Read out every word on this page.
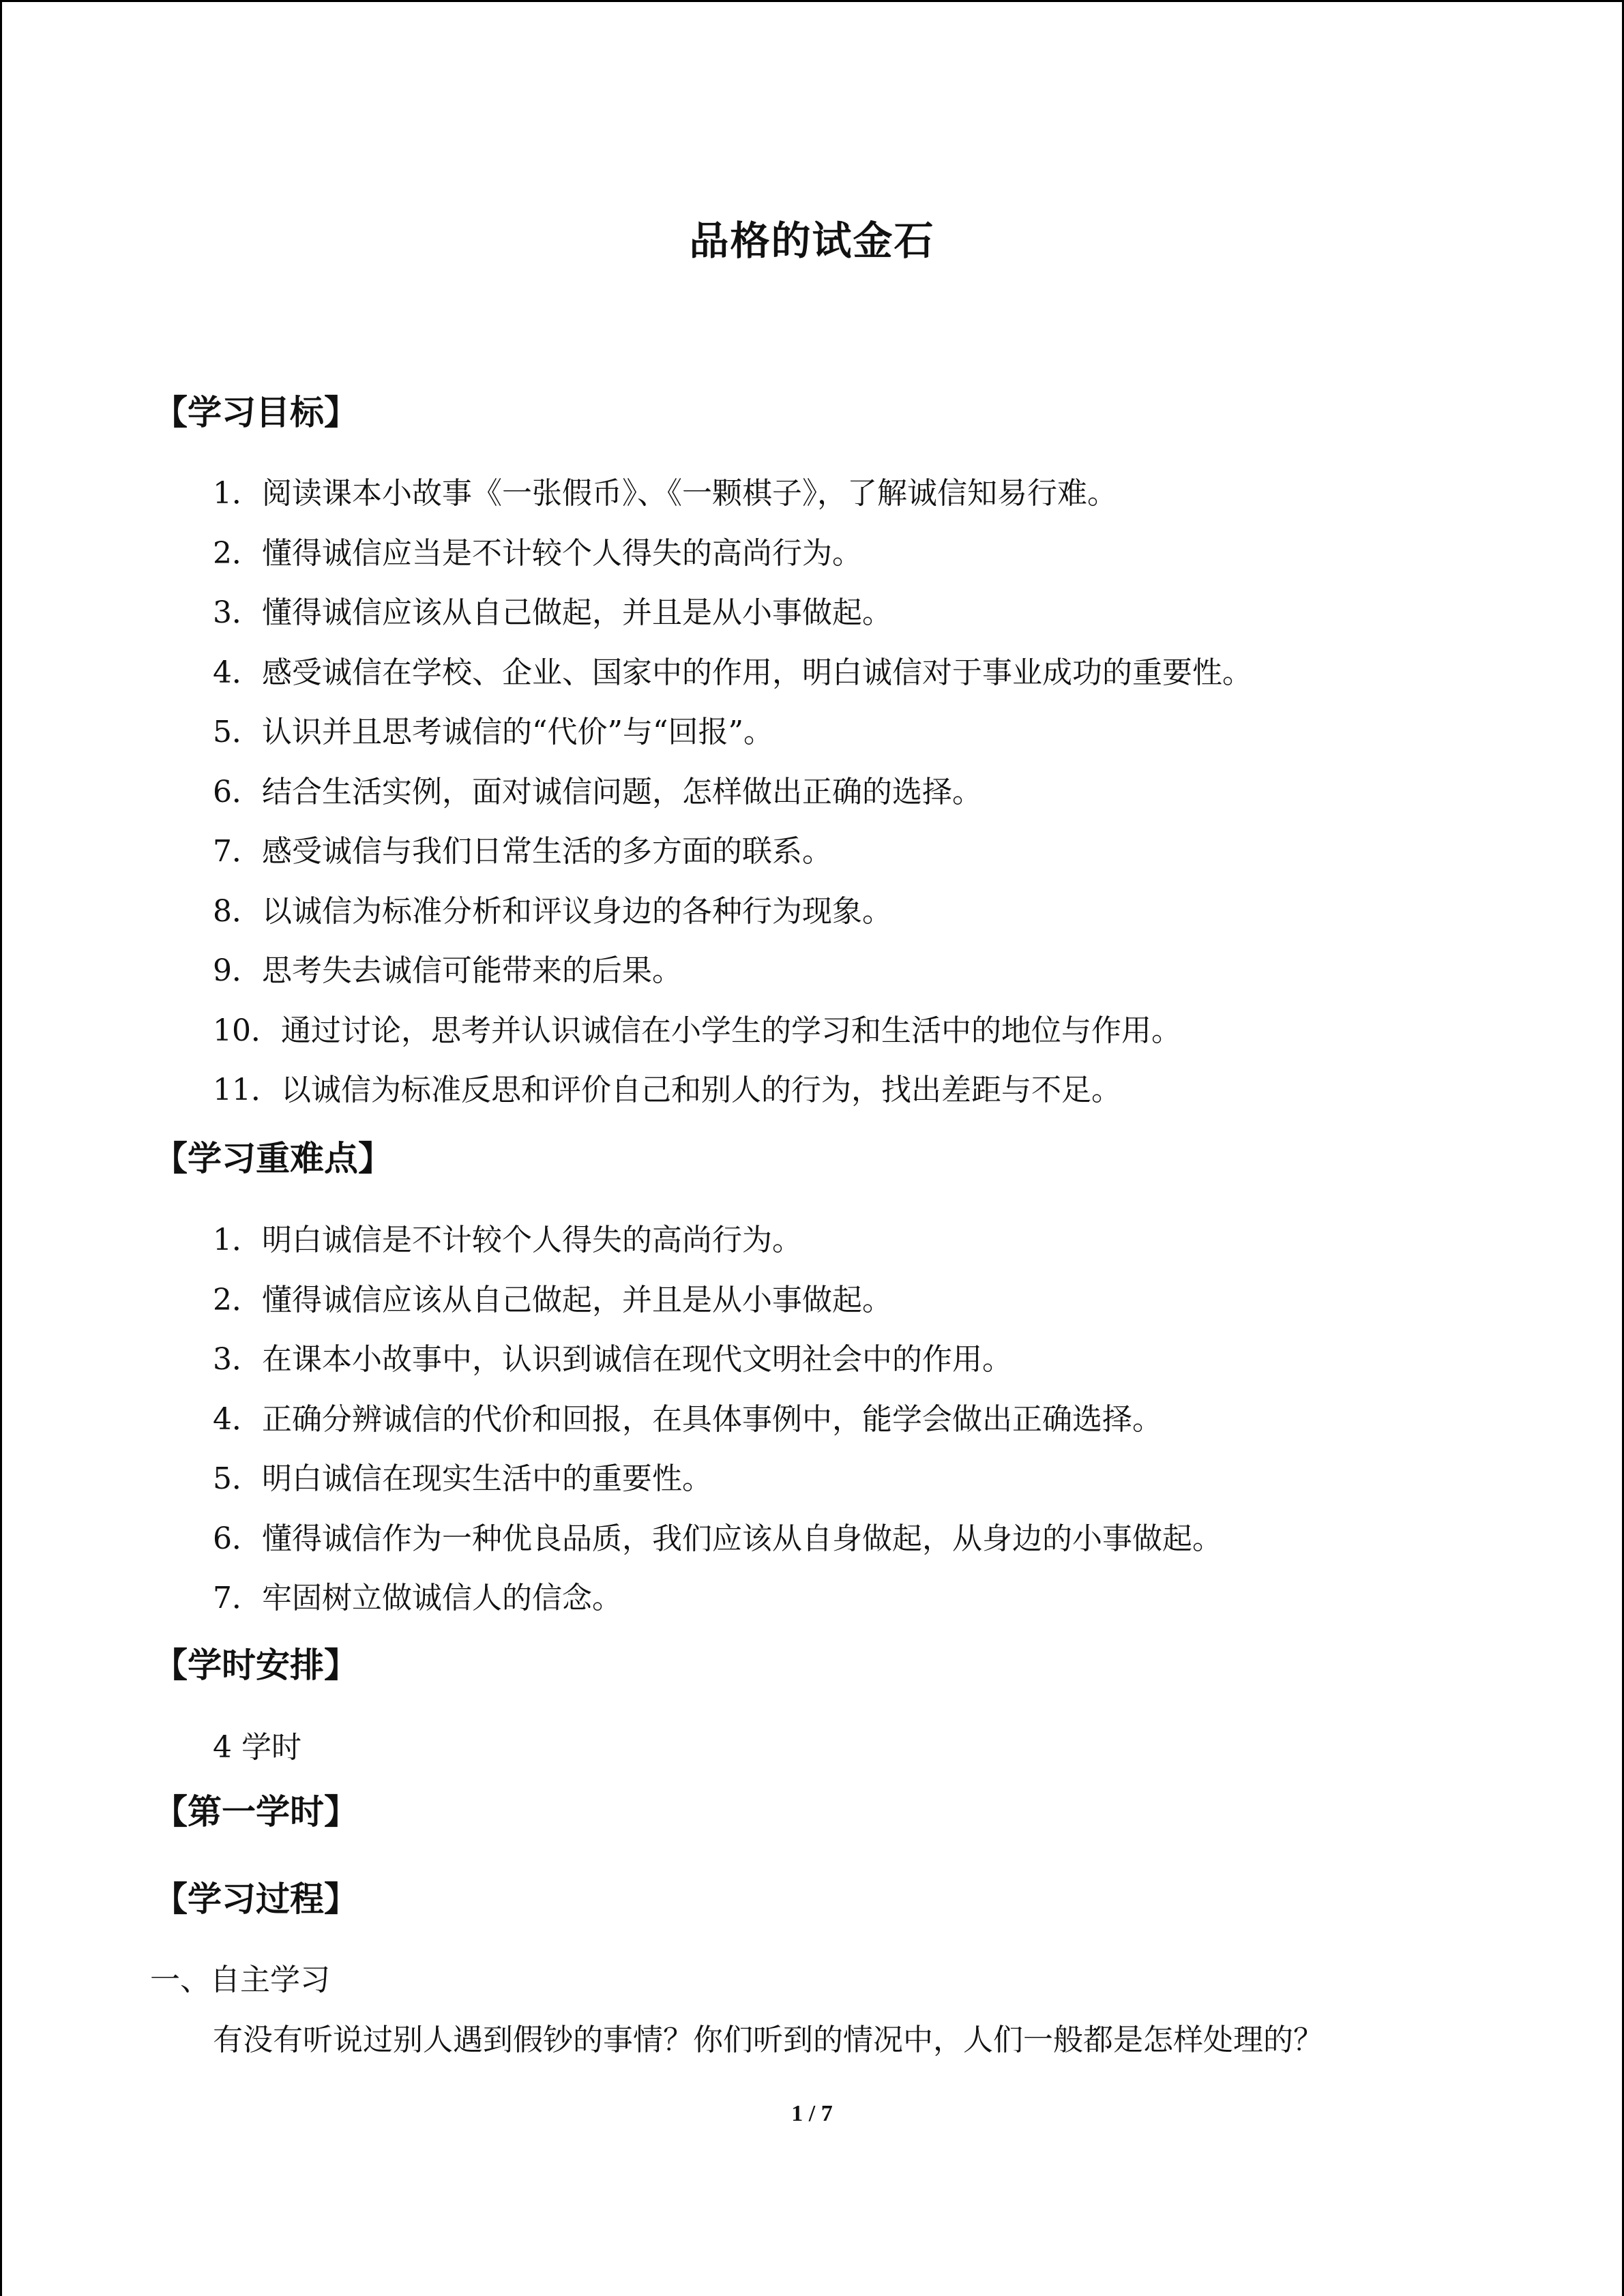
品格的试金石
【学习目标】
1．阅读课本小故事《一张假币》、《一颗棋子》，了解诚信知易行难。
2．懂得诚信应当是不计较个人得失的高尚行为。
3．懂得诚信应该从自己做起，并且是从小事做起。
4．感受诚信在学校、企业、国家中的作用，明白诚信对于事业成功的重要性。
5．认识并且思考诚信的“代价”与“回报”。
6．结合生活实例，面对诚信问题，怎样做出正确的选择。
7．感受诚信与我们日常生活的多方面的联系。
8．以诚信为标准分析和评议身边的各种行为现象。
9．思考失去诚信可能带来的后果。
10．通过讨论，思考并认识诚信在小学生的学习和生活中的地位与作用。
11．以诚信为标准反思和评价自己和别人的行为，找出差距与不足。
【学习重难点】
1．明白诚信是不计较个人得失的高尚行为。
2．懂得诚信应该从自己做起，并且是从小事做起。
3．在课本小故事中，认识到诚信在现代文明社会中的作用。
4．正确分辨诚信的代价和回报，在具体事例中，能学会做出正确选择。
5．明白诚信在现实生活中的重要性。
6．懂得诚信作为一种优良品质，我们应该从自身做起，从身边的小事做起。
7．牢固树立做诚信人的信念。
【学时安排】
4 学时
【第一学时】
【学习过程】
一、自主学习
有没有听说过别人遇到假钞的事情？你们听到的情况中，人们一般都是怎样处理的？
1 / 7
